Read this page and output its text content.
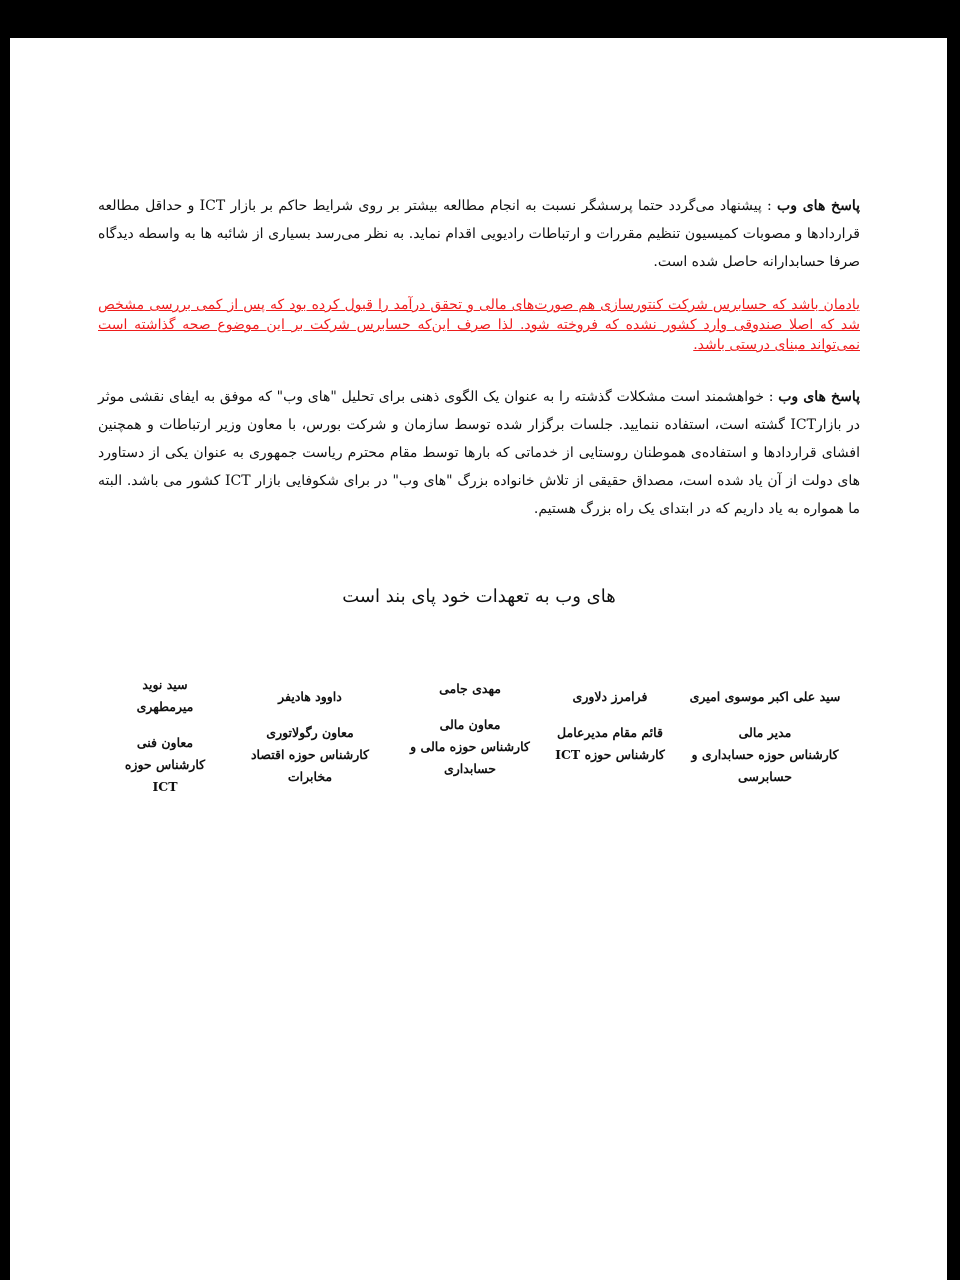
پاسخ های وب : پیشنهاد می‌گردد حتما پرسشگر نسبت به انجام مطالعه بیشتر بر روی شرایط حاکم بر بازار ICT و حداقل مطالعه قراردادها و مصوبات کمیسیون تنظیم مقررات و ارتباطات رادیویی اقدام نماید. به نظر می‌رسد بسیاری از شائبه ها به واسطه دیدگاه صرفا حسابدارانه حاصل شده است.
یادمان باشد که حسابرس شرکت کنتورسازی هم صورت‌های مالی و تحقق درآمد را قبول کرده بود که پس از کمی بررسی مشخص شد که اصلا صندوقی وارد کشور نشده که فروخته شود. لذا صرف این‌که حسابرس شرکت بر این موضوع صحه گذاشته است نمی‌تواند مبنای درستی باشد.
پاسخ های وب : خواهشمند است مشکلات گذشته را به عنوان یک الگوی ذهنی برای تحلیل "های وب" که موفق به ایفای نقشی موثر در بازارICT گشته است، استفاده ننمایید. جلسات برگزار شده توسط سازمان و شرکت بورس، با معاون وزیر ارتباطات و همچنین افشای قراردادها و استفاده‌ی هموطنان روستایی از خدماتی که بارها توسط مقام محترم ریاست جمهوری به عنوان یکی از دستاورد های دولت از آن یاد شده است، مصداق حقیقی از تلاش خانواده بزرگ "های وب" در برای شکوفایی بازار ICT کشور می باشد. البته ما همواره به یاد داریم که در ابتدای یک راه بزرگ هستیم.
های وب به تعهدات خود پای بند است
سید علی اکبر موسوی امیری
مدیر مالی
کارشناس حوزه حسابداری و حسابرسی
فرامرز دلاوری
قائم مقام مدیرعامل
کارشناس حوزه ICT
مهدی جامی
معاون مالی
کارشناس حوزه مالی و حسابداری
داوود هادیفر
معاون رگولاتوری
کارشناس حوزه اقتصاد مخابرات
سید نوید میرمطهری
معاون فنی
کارشناس حوزه ICT
